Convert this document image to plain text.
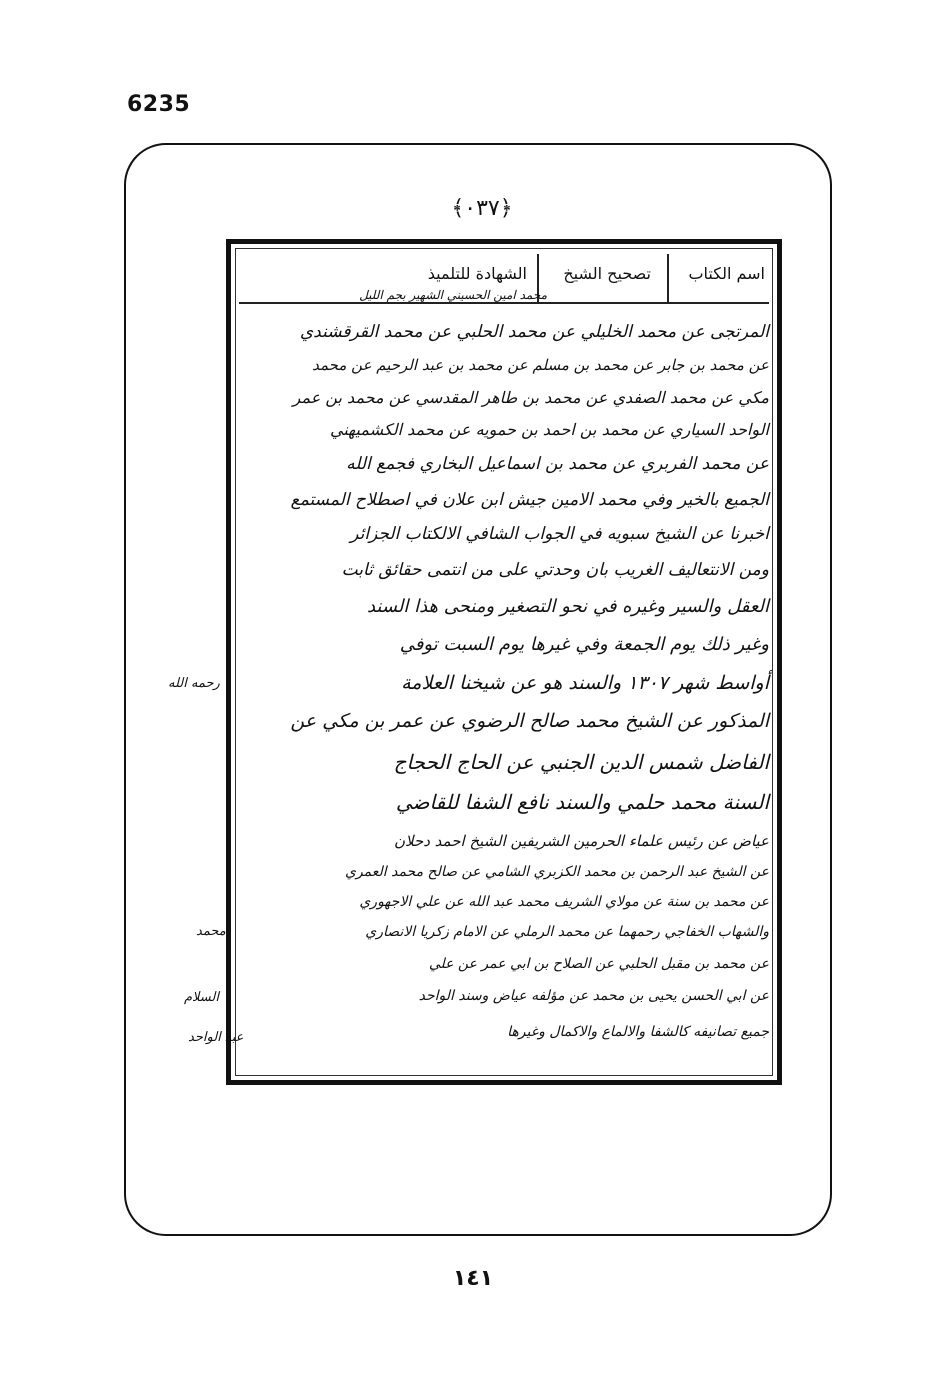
6235
﴿٠٣٧﴾
اسم الكتاب
تصحيح الشيخ
الشهادة للتلميذ
محمد امين الحسيني الشهير بجم الليل
المرتجى عن محمد الخليلي عن محمد الحلبي عن محمد القرقشندي
عن محمد بن جابر عن محمد بن مسلم عن محمد بن عبد الرحيم عن محمد
مكي عن محمد الصفدي عن محمد بن طاهر المقدسي عن محمد بن عمر
الواحد السياري عن محمد بن احمد بن حمويه عن محمد الكشميهني
عن محمد الفربري عن محمد بن اسماعيل البخاري فجمع الله
الجميع بالخير وفي محمد الامين جيش ابن علان في اصطلاح المستمع
اخبرنا عن الشيخ سبويه في الجواب الشافي الالكتاب الجزائر
ومن الانتعاليف الغريب بان وحدتي على من انتمى حقائق ثابت
العقل والسير وغيره في نحو التصغير ومنحى هذا السند
وغير ذلك يوم الجمعة وفي غيرها يوم السبت توفي
أواسط شهر ١٣٠٧ والسند هو عن شيخنا العلامة
المذكور عن الشيخ محمد صالح الرضوي عن عمر بن مكي عن
الفاضل شمس الدين الجنبي عن الحاج الحجاج
السنة محمد حلمي والسند نافع الشفا للقاضي
عياض عن رئيس علماء الحرمين الشريفين الشيخ احمد دحلان
عن الشيخ عبد الرحمن بن محمد الكزبري الشامي عن صالح محمد العمري
عن محمد بن سنة عن مولاي الشريف محمد عبد الله عن علي الاجهوري
والشهاب الخفاجي رحمهما عن محمد الرملي عن الامام زكريا الانصاري
عن محمد بن مقبل الحلبي عن الصلاح بن ابي عمر عن علي
عن ابي الحسن يحيى بن محمد عن مؤلفه عياض وسند الواحد
جميع تصانيفه كالشفا والالماع والاكمال وغيرها
رحمه الله
محمد
السلام
عبد الواحد
١٤١
